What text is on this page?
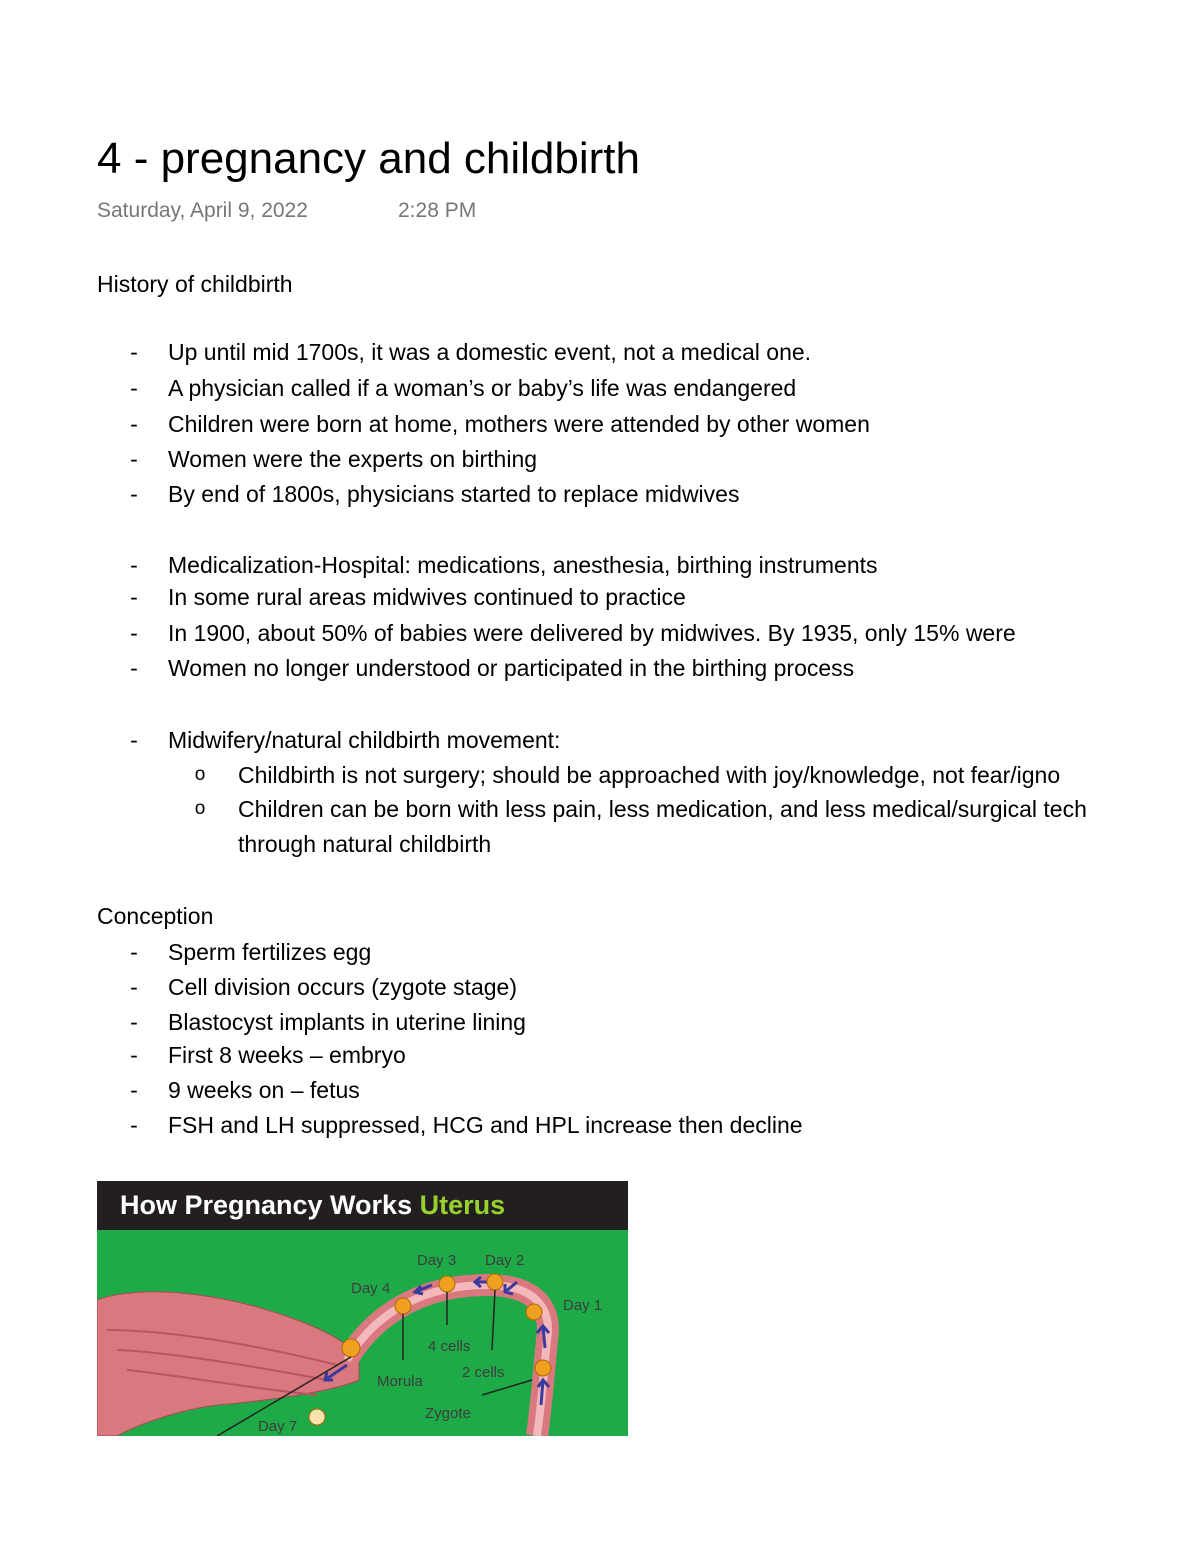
4 - pregnancy and childbirth
Saturday, April 9, 2022	2:28 PM
History of childbirth
- Up until mid 1700s, it was a domestic event, not a medical one.
- A physician called if a woman’s or baby’s life was endangered
- Children were born at home, mothers were attended by other women
- Women were the experts on birthing
- By end of 1800s, physicians started to replace midwives
- Medicalization-Hospital: medications, anesthesia, birthing instruments
- In some rural areas midwives continued to practice
- In 1900, about 50% of babies were delivered by midwives. By 1935, only 15% were
- Women no longer understood or participated in the birthing process
- Midwifery/natural childbirth movement:
o Childbirth is not surgery; should be approached with joy/knowledge, not fear/igno
o Children can be born with less pain, less medication, and less medical/surgical tech
through natural childbirth
Conception
- Sperm fertilizes egg
- Cell division occurs (zygote stage)
- Blastocyst implants in uterine lining
- First 8 weeks – embryo
- 9 weeks on – fetus
- FSH and LH suppressed, HCG and HPL increase then decline
How Pregnancy Works Uterus
Day 1
Day 2
Day 3
Day 4
Day 7
4 cells
2 cells
Morula
Zygote
